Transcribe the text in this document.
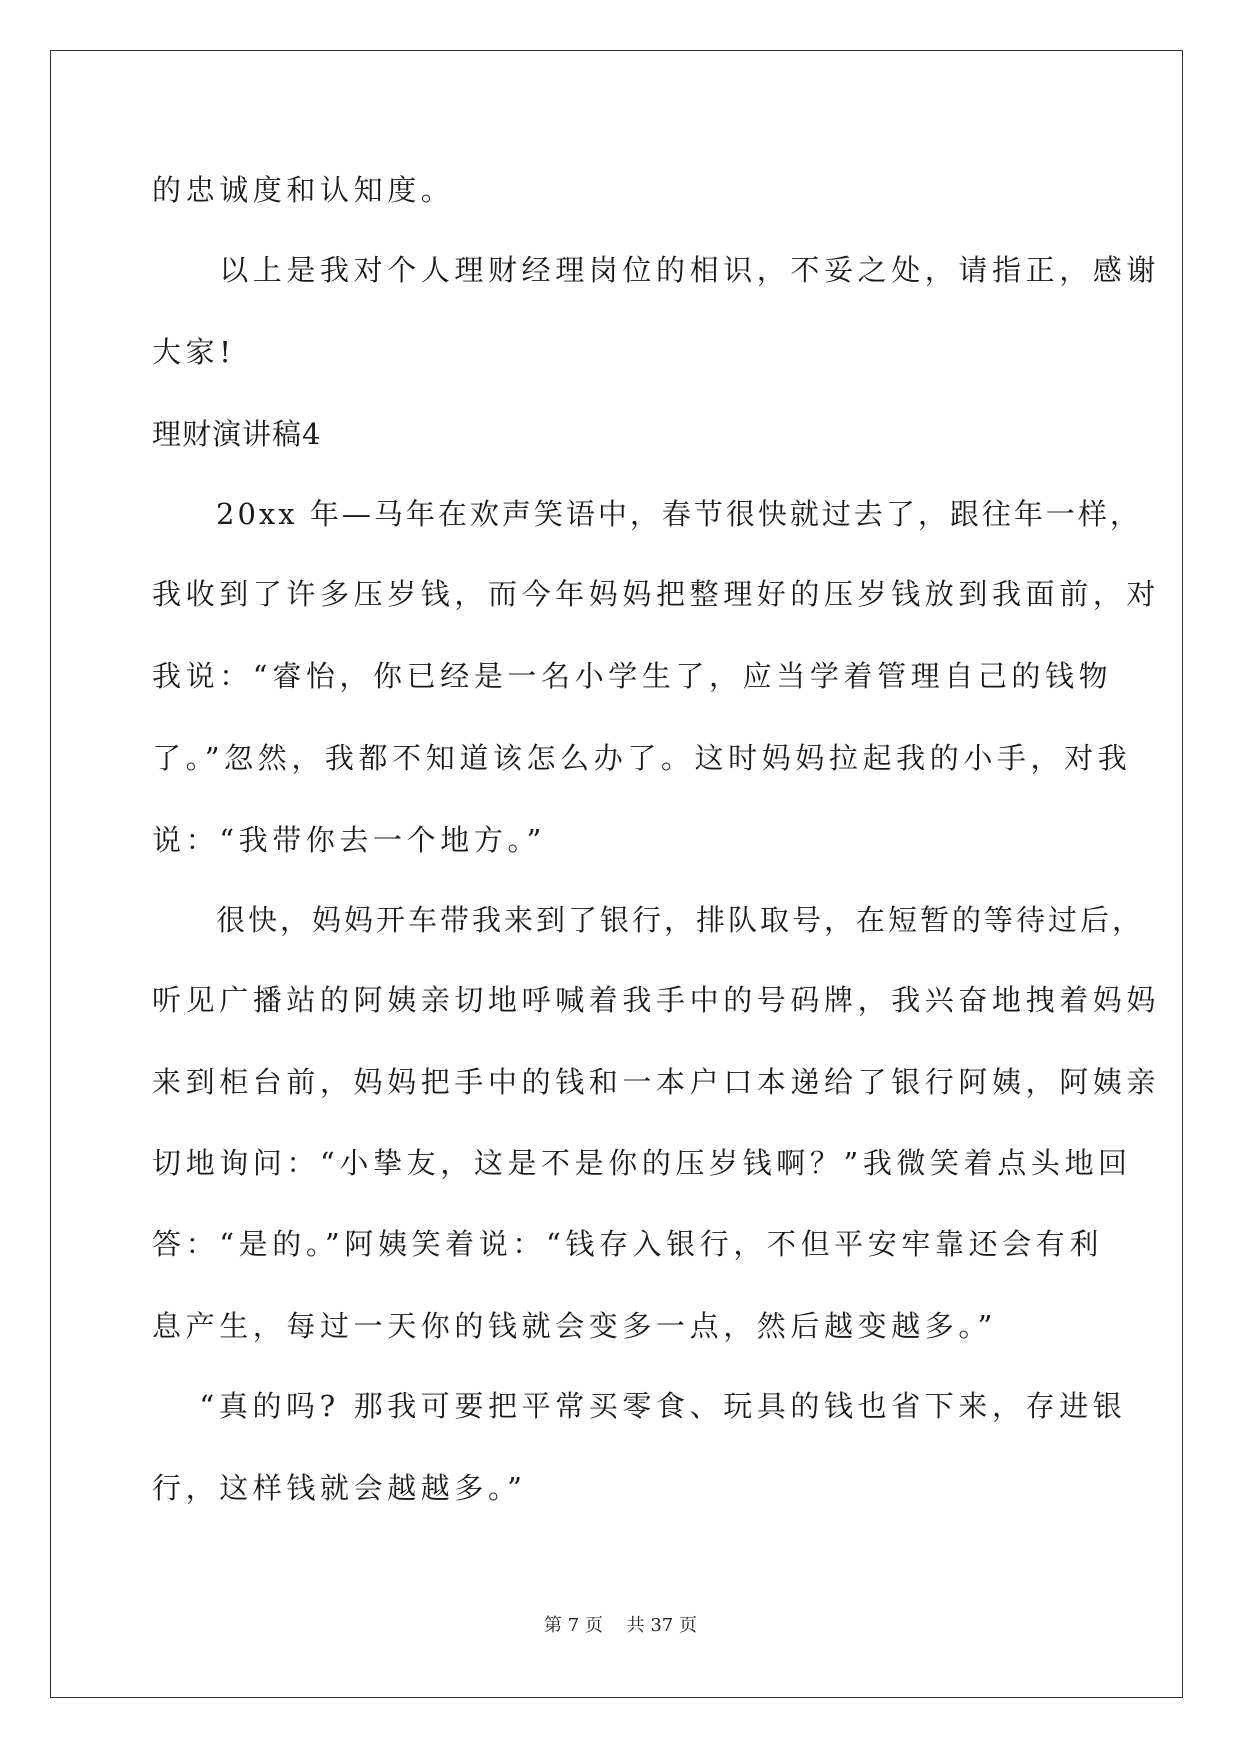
的忠诚度和认知度。
　　以上是我对个人理财经理岗位的相识，不妥之处，请指正，感谢
大家!
理财演讲稿4
　　20xx 年—马年在欢声笑语中，春节很快就过去了，跟往年一样，
我收到了许多压岁钱，而今年妈妈把整理好的压岁钱放到我面前，对
我说：“睿怡，你已经是一名小学生了，应当学着管理自己的钱物
了。”忽然，我都不知道该怎么办了。这时妈妈拉起我的小手，对我
说：“我带你去一个地方。”
　　很快，妈妈开车带我来到了银行，排队取号，在短暂的等待过后，
听见广播站的阿姨亲切地呼喊着我手中的号码牌，我兴奋地拽着妈妈
来到柜台前，妈妈把手中的钱和一本户口本递给了银行阿姨，阿姨亲
切地询问：“小挚友，这是不是你的压岁钱啊？”我微笑着点头地回
答：“是的。”阿姨笑着说：“钱存入银行，不但平安牢靠还会有利
息产生，每过一天你的钱就会变多一点，然后越变越多。”
　 “真的吗? 那我可要把平常买零食、玩具的钱也省下来，存进银
行，这样钱就会越越多。”
第 7 页　 共 37 页
